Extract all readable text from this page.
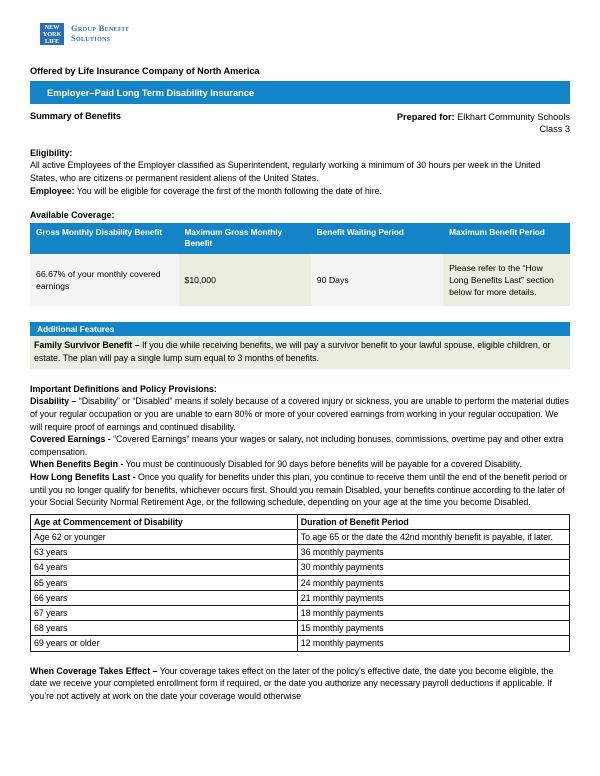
NEW
YORK
LIFE
Group Benefit
Solutions
Offered by Life Insurance Company of North America
Employer–Paid Long Term Disability Insurance
Summary of Benefits	Prepared for: Elkhart Community Schools
Class 3
Eligibility:
All active Employees of the Employer classified as Superintendent, regularly working a minimum of 30 hours per week in the United States, who are citizens or permanent resident aliens of the United States.
Employee: You will be eligible for coverage the first of the month following the date of hire.
Available Coverage:
Gross Monthly Disability Benefit	Maximum Gross Monthly Benefit	Benefit Waiting Period	Maximum Benefit Period
66.67% of your monthly covered earnings	$10,000	90 Days	Please refer to the “How Long Benefits Last” section below for more details.
Additional Features
Family Survivor Benefit – If you die while receiving benefits, we will pay a survivor benefit to your lawful spouse, eligible children, or estate. The plan will pay a single lump sum equal to 3 months of benefits.
Important Definitions and Policy Provisions:
Disability – “Disability” or “Disabled” means if solely because of a covered injury or sickness, you are unable to perform the material duties of your regular occupation or you are unable to earn 80% or more of your covered earnings from working in your regular occupation. We will require proof of earnings and continued disability.
Covered Earnings - “Covered Earnings” means your wages or salary, not including bonuses, commissions, overtime pay and other extra compensation.
When Benefits Begin - You must be continuously Disabled for 90 days before benefits will be payable for a covered Disability.
How Long Benefits Last - Once you qualify for benefits under this plan, you continue to receive them until the end of the benefit period or until you no longer qualify for benefits, whichever occurs first. Should you remain Disabled, your benefits continue according to the later of your Social Security Normal Retirement Age, or the following schedule, depending on your age at the time you become Disabled.
Age at Commencement of Disability	Duration of Benefit Period
Age 62 or younger	To age 65 or the date the 42nd monthly benefit is payable, if later.
63 years	36 monthly payments
64 years	30 monthly payments
65 years	24 monthly payments
66 years	21 monthly payments
67 years	18 monthly payments
68 years	15 monthly payments
69 years or older	12 monthly payments
When Coverage Takes Effect – Your coverage takes effect on the later of the policy’s effective date, the date you become eligible, the date we receive your completed enrollment form if required, or the date you authorize any necessary payroll deductions if applicable. If you’re not actively at work on the date your coverage would otherwise
